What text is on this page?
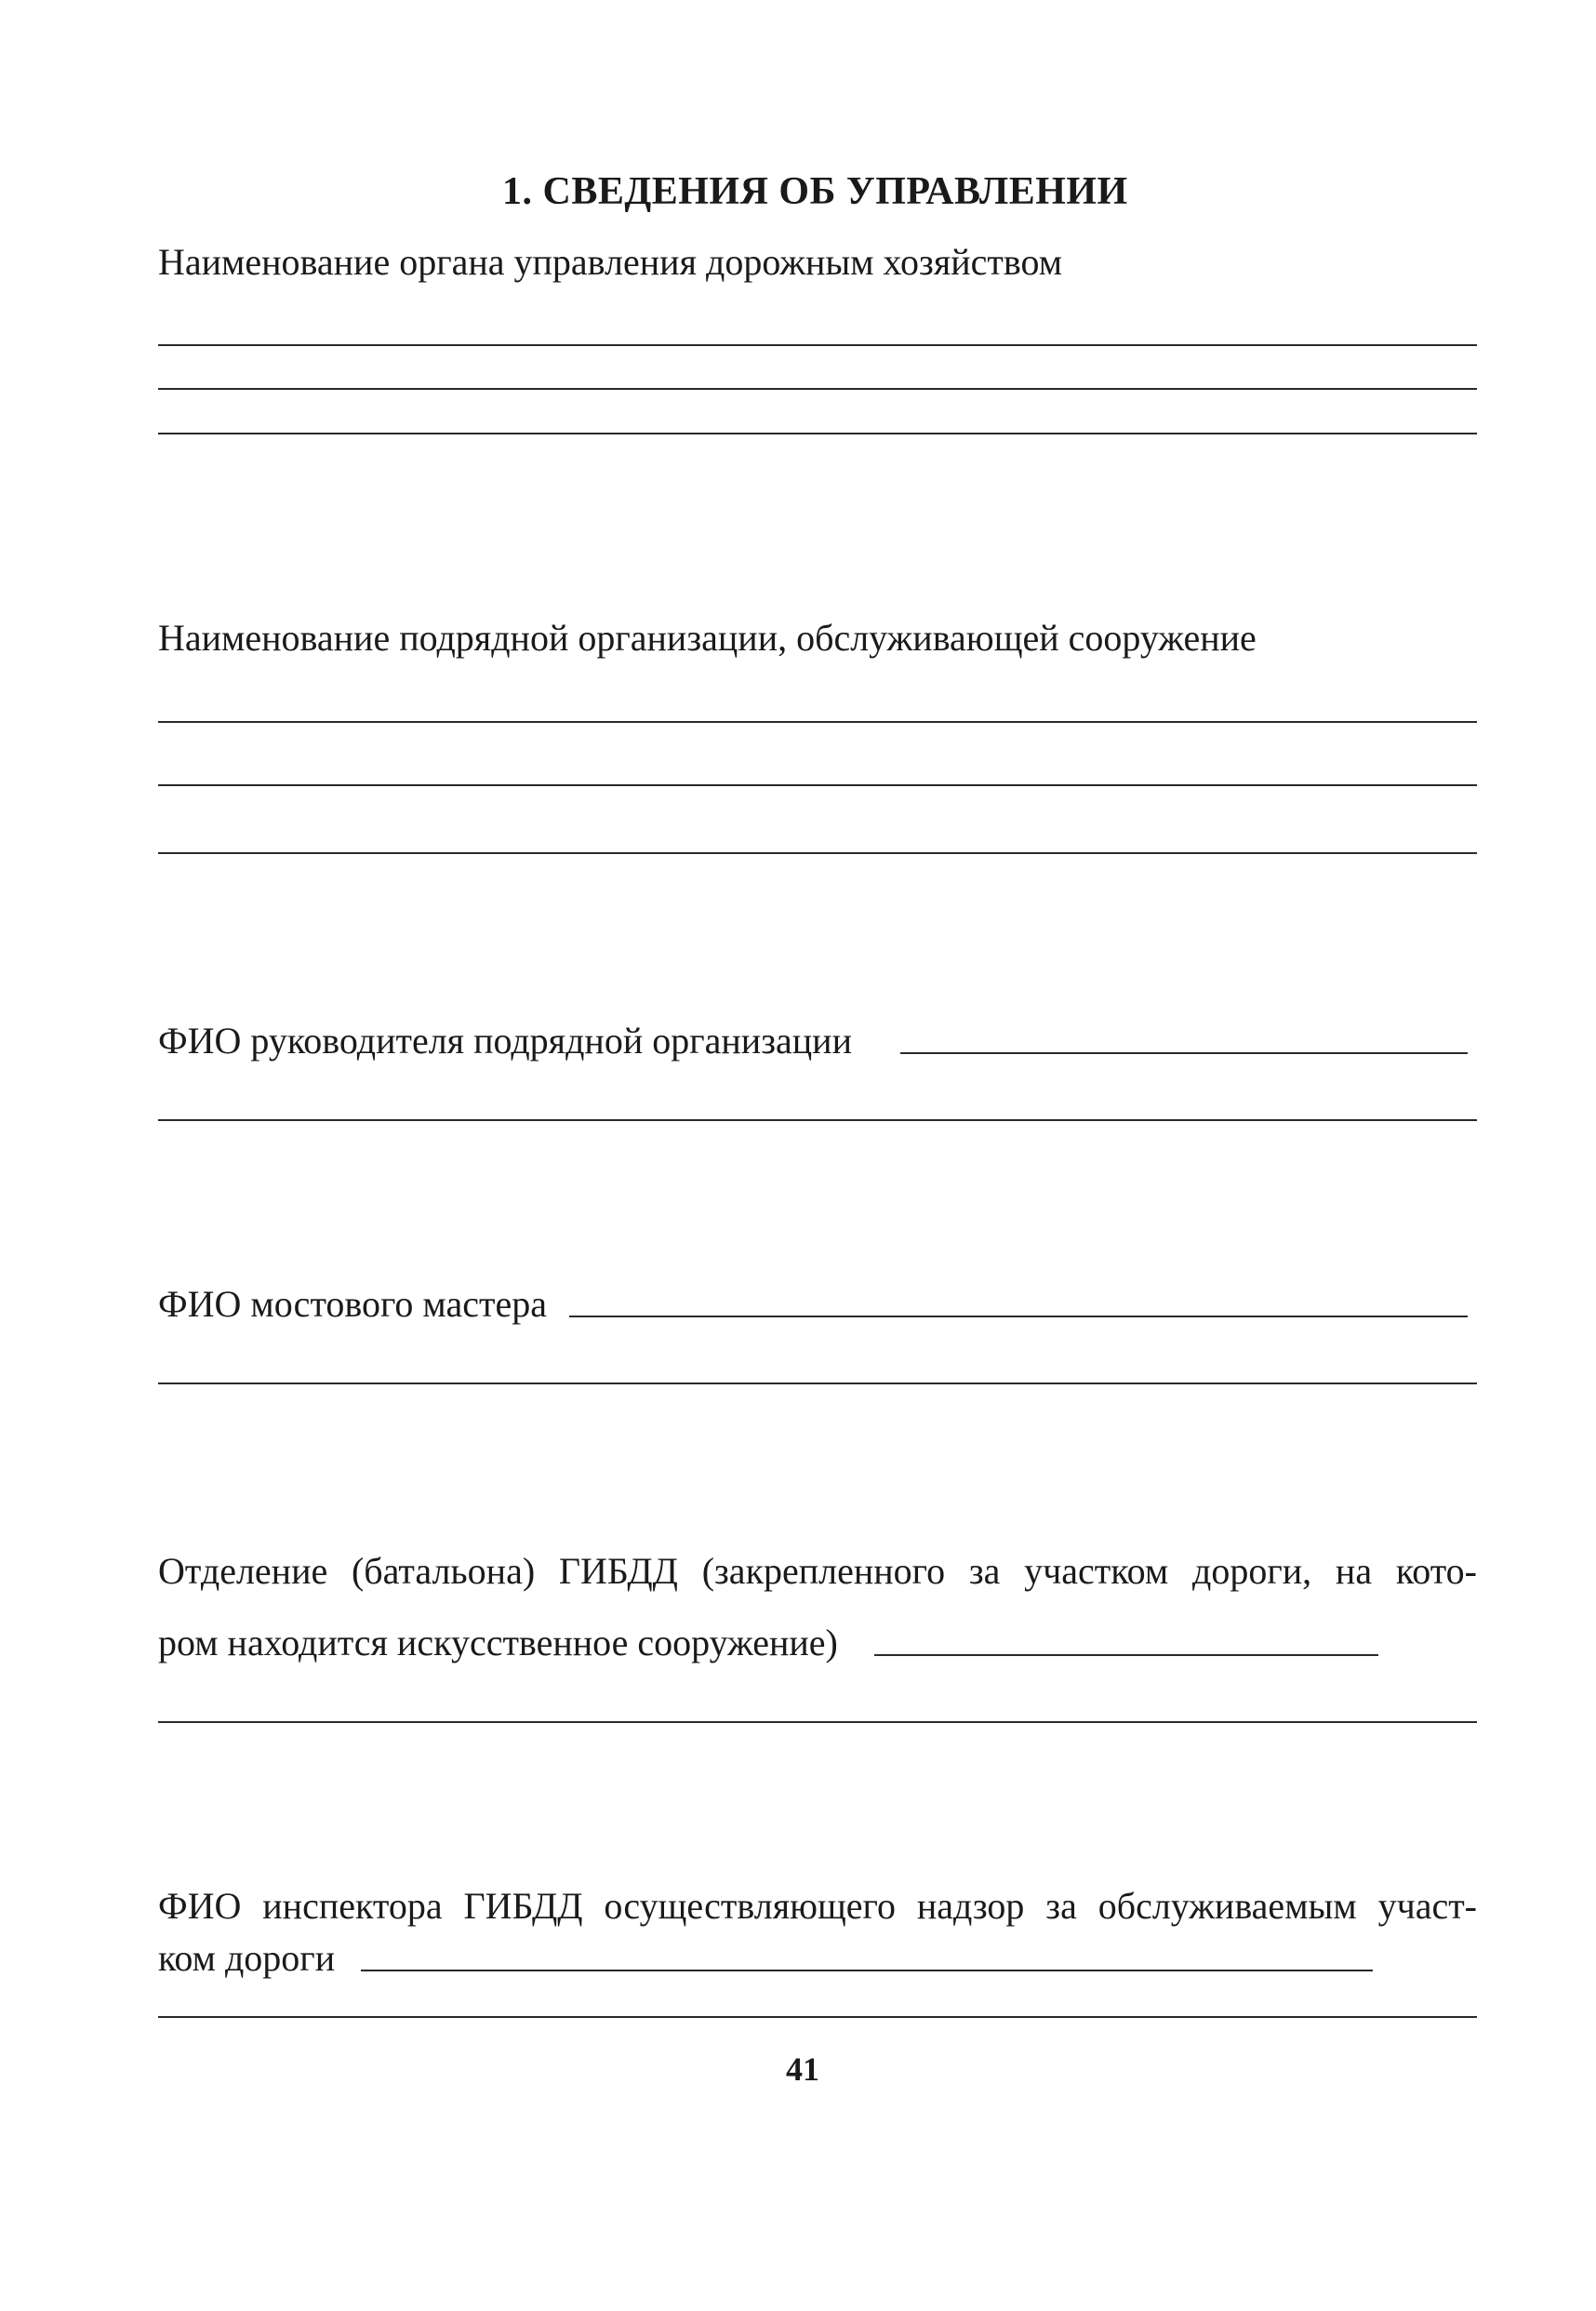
1. СВЕДЕНИЯ ОБ УПРАВЛЕНИИ
Наименование органа управления дорожным хозяйством
Наименование подрядной организации, обслуживающей сооружение
ФИО руководителя подрядной организации
ФИО мостового мастера
Отделение (батальона) ГИБДД (закрепленного за участком дороги, на кото-
ром находится искусственное сооружение)
ФИО инспектора ГИБДД осуществляющего надзор за обслуживаемым участ-
ком дороги
41
